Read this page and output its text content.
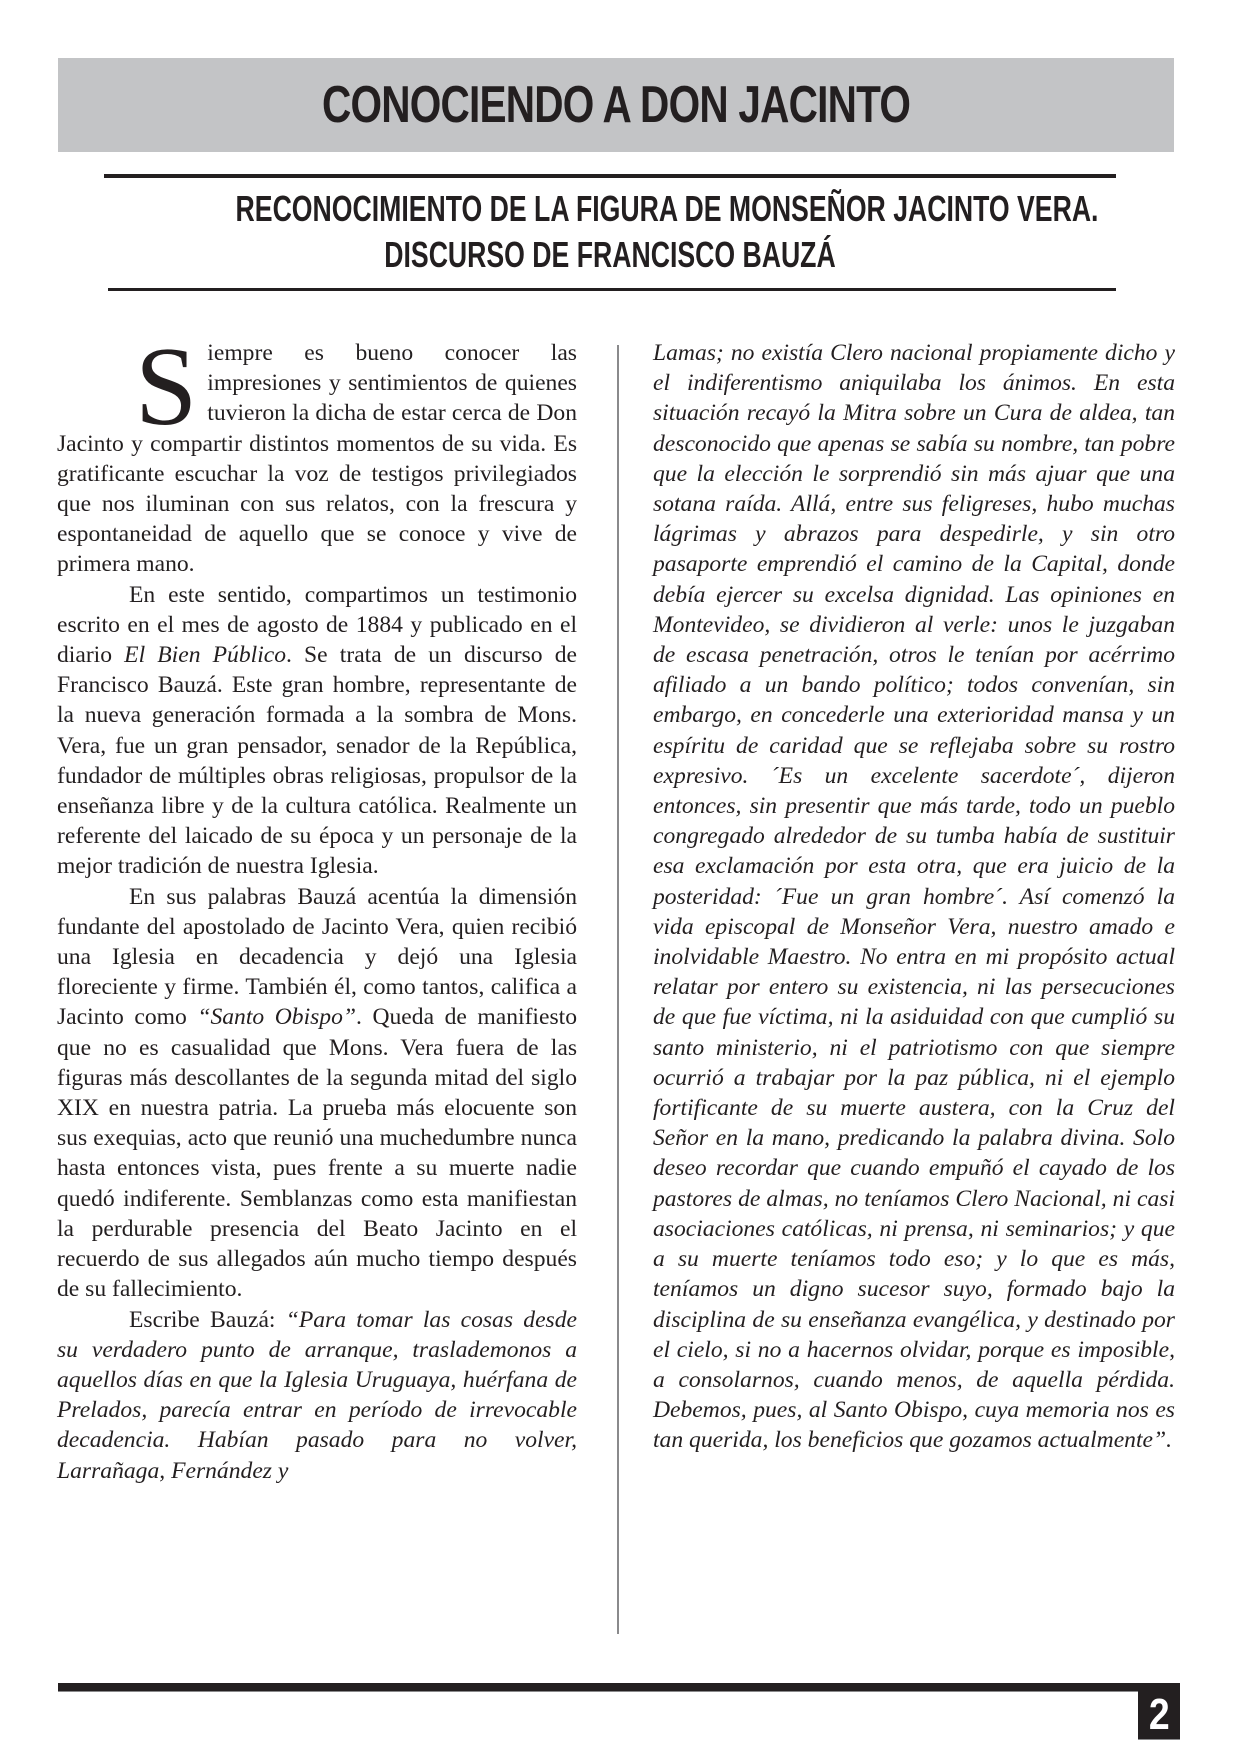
CONOCIENDO A DON JACINTO
RECONOCIMIENTO DE LA FIGURA DE MONSEÑOR JACINTO VERA.
DISCURSO DE FRANCISCO BAUZÁ

Siempre es bueno conocer las impresiones y sentimientos de quienes tuvieron la dicha de estar cerca de Don Jacinto y compartir distintos momentos de su vida. Es gratificante escuchar la voz de testigos privilegiados que nos iluminan con sus relatos, con la frescura y espontaneidad de aquello que se conoce y vive de primera mano.

En este sentido, compartimos un testimonio escrito en el mes de agosto de 1884 y publicado en el diario El Bien Público. Se trata de un discurso de Francisco Bauzá. Este gran hombre, representante de la nueva generación formada a la sombra de Mons. Vera, fue un gran pensador, senador de la República, fundador de múltiples obras religiosas, propulsor de la enseñanza libre y de la cultura católica. Realmente un referente del laicado de su época y un personaje de la mejor tradición de nuestra Iglesia.

En sus palabras Bauzá acentúa la dimensión fundante del apostolado de Jacinto Vera, quien recibió una Iglesia en decadencia y dejó una Iglesia floreciente y firme. También él, como tantos, califica a Jacinto como “Santo Obispo”. Queda de manifiesto que no es casualidad que Mons. Vera fuera de las figuras más descollantes de la segunda mitad del siglo XIX en nuestra patria. La prueba más elocuente son sus exequias, acto que reunió una muchedumbre nunca hasta entonces vista, pues frente a su muerte nadie quedó indiferente. Semblanzas como esta manifiestan la perdurable presencia del Beato Jacinto en el recuerdo de sus allegados aún mucho tiempo después de su fallecimiento.

Escribe Bauzá: “Para tomar las cosas desde su verdadero punto de arranque, traslademonos a aquellos días en que la Iglesia Uruguaya, huérfana de Prelados, parecía entrar en período de irrevocable decadencia. Habían pasado para no volver, Larrañaga, Fernández y

Lamas; no existía Clero nacional propiamente dicho y el indiferentismo aniquilaba los ánimos. En esta situación recayó la Mitra sobre un Cura de aldea, tan desconocido que apenas se sabía su nombre, tan pobre que la elección le sorprendió sin más ajuar que una sotana raída. Allá, entre sus feligreses, hubo muchas lágrimas y abrazos para despedirle, y sin otro pasaporte emprendió el camino de la Capital, donde debía ejercer su excelsa dignidad. Las opiniones en Montevideo, se dividieron al verle: unos le juzgaban de escasa penetración, otros le tenían por acérrimo afiliado a un bando político; todos convenían, sin embargo, en concederle una exterioridad mansa y un espíritu de caridad que se reflejaba sobre su rostro expresivo. ´Es un excelente sacerdote´, dijeron entonces, sin presentir que más tarde, todo un pueblo congregado alrededor de su tumba había de sustituir esa exclamación por esta otra, que era juicio de la posteridad: ´Fue un gran hombre´. Así comenzó la vida episcopal de Monseñor Vera, nuestro amado e inolvidable Maestro. No entra en mi propósito actual relatar por entero su existencia, ni las persecuciones de que fue víctima, ni la asiduidad con que cumplió su santo ministerio, ni el patriotismo con que siempre ocurrió a trabajar por la paz pública, ni el ejemplo fortificante de su muerte austera, con la Cruz del Señor en la mano, predicando la palabra divina. Solo deseo recordar que cuando empuñó el cayado de los pastores de almas, no teníamos Clero Nacional, ni casi asociaciones católicas, ni prensa, ni seminarios; y que a su muerte teníamos todo eso; y lo que es más, teníamos un digno sucesor suyo, formado bajo la disciplina de su enseñanza evangélica, y destinado por el cielo, si no a hacernos olvidar, porque es imposible, a consolarnos, cuando menos, de aquella pérdida. Debemos, pues, al Santo Obispo, cuya memoria nos es tan querida, los beneficios que gozamos actualmente”.

2
